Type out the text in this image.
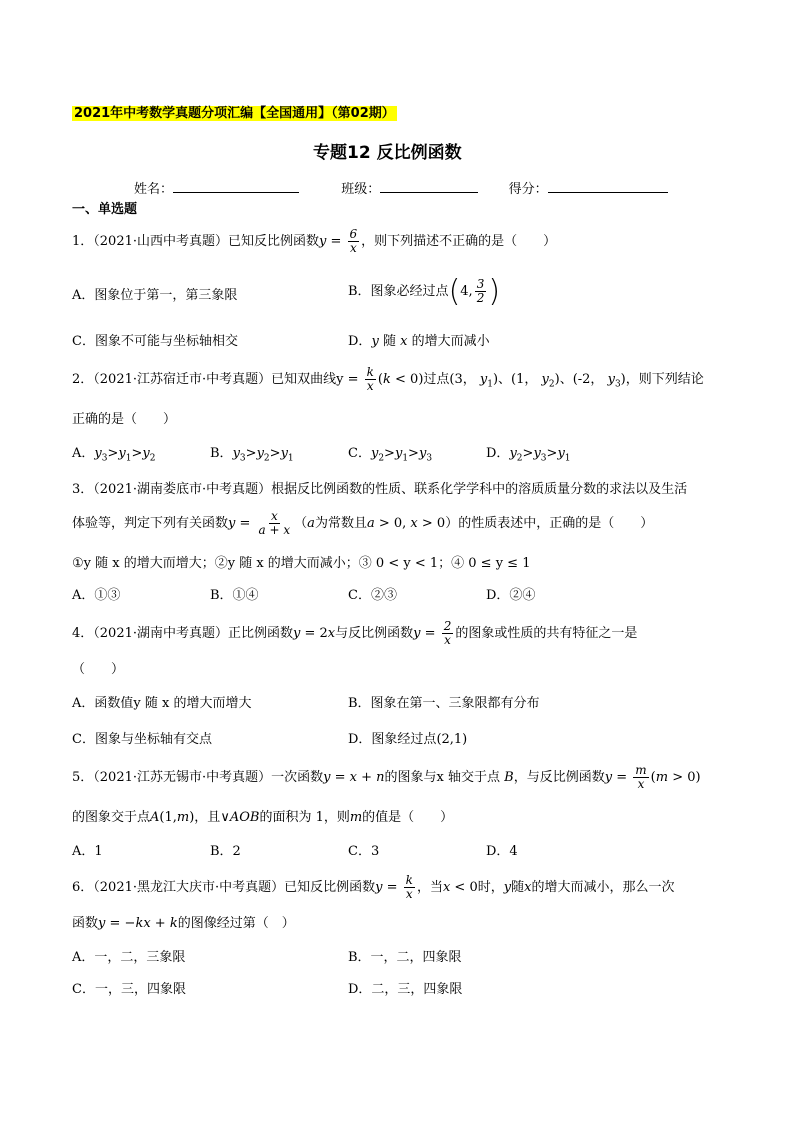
2021年中考数学真题分项汇编【全国通用】（第02期）
专题12 反比例函数
姓名：	班级：	得分：
一、单选题
1．（2021·山西中考真题）已知反比例函数$y = \frac{6}{x}$ ，则下列描述不正确的是（　　）
A．图象位于第一，第三象限	B．图象必经过点(4, $\frac{3}{2}$ )
C．图象不可能与坐标轴相交	D．y 随 x 的增大而减小
2．（2021·江苏宿迁市·中考真题）已知双曲线$y = \frac{k}{x} (k < 0)$过点(3， $y_1$)、(1， $y_2$)、(-2， $y_3$)，则下列结论
正确的是（　　）
A．$y_3>y_1>y_2$	B．$y_3>y_2>y_1$	C．$y_2>y_1>y_3$	D．$y_2>y_3>y_1$
3．（2021·湖南娄底市·中考真题）根据反比例函数的性质、联系化学学科中的溶质质量分数的求法以及生活
体验等，判定下列有关函数$y = \frac{x}{a + x} (a$为常数且a > 0, x > 0）的性质表述中，正确的是（　　）
①y 随 x 的增大而增大；②y 随 x 的增大而减小；③ 0 < y < 1；④ 0 ≤ y ≤ 1
A．①③	B．①④	C．②③	D．②④
4．（2021·湖南中考真题）正比例函数y = 2x与反比例函数$y = \frac{2}{x}$ 的图象或性质的共有特征之一是
（　　）
A．函数值y 随 x 的增大而增大	B．图象在第一、三象限都有分布
C．图象与坐标轴有交点	D．图象经过点(2,1)
5．（2021·江苏无锡市·中考真题）一次函数y = x + n的图象与x 轴交于点 B，与反比例函数$y = \frac{m}{x} (m > 0)$
的图象交于点A(1,m)，且∨AOB的面积为 1，则m的值是（　　）
A．1	B．2	C．3	D．4
6．（2021·黑龙江大庆市·中考真题）已知反比例函数$y = \frac{k}{x}$ ，当x < 0时，y随x的增大而减小，那么一次
函数y = −kx + k的图像经过第（　）
A．一，二，三象限	B．一，二，四象限
C．一，三，四象限	D．二，三，四象限
